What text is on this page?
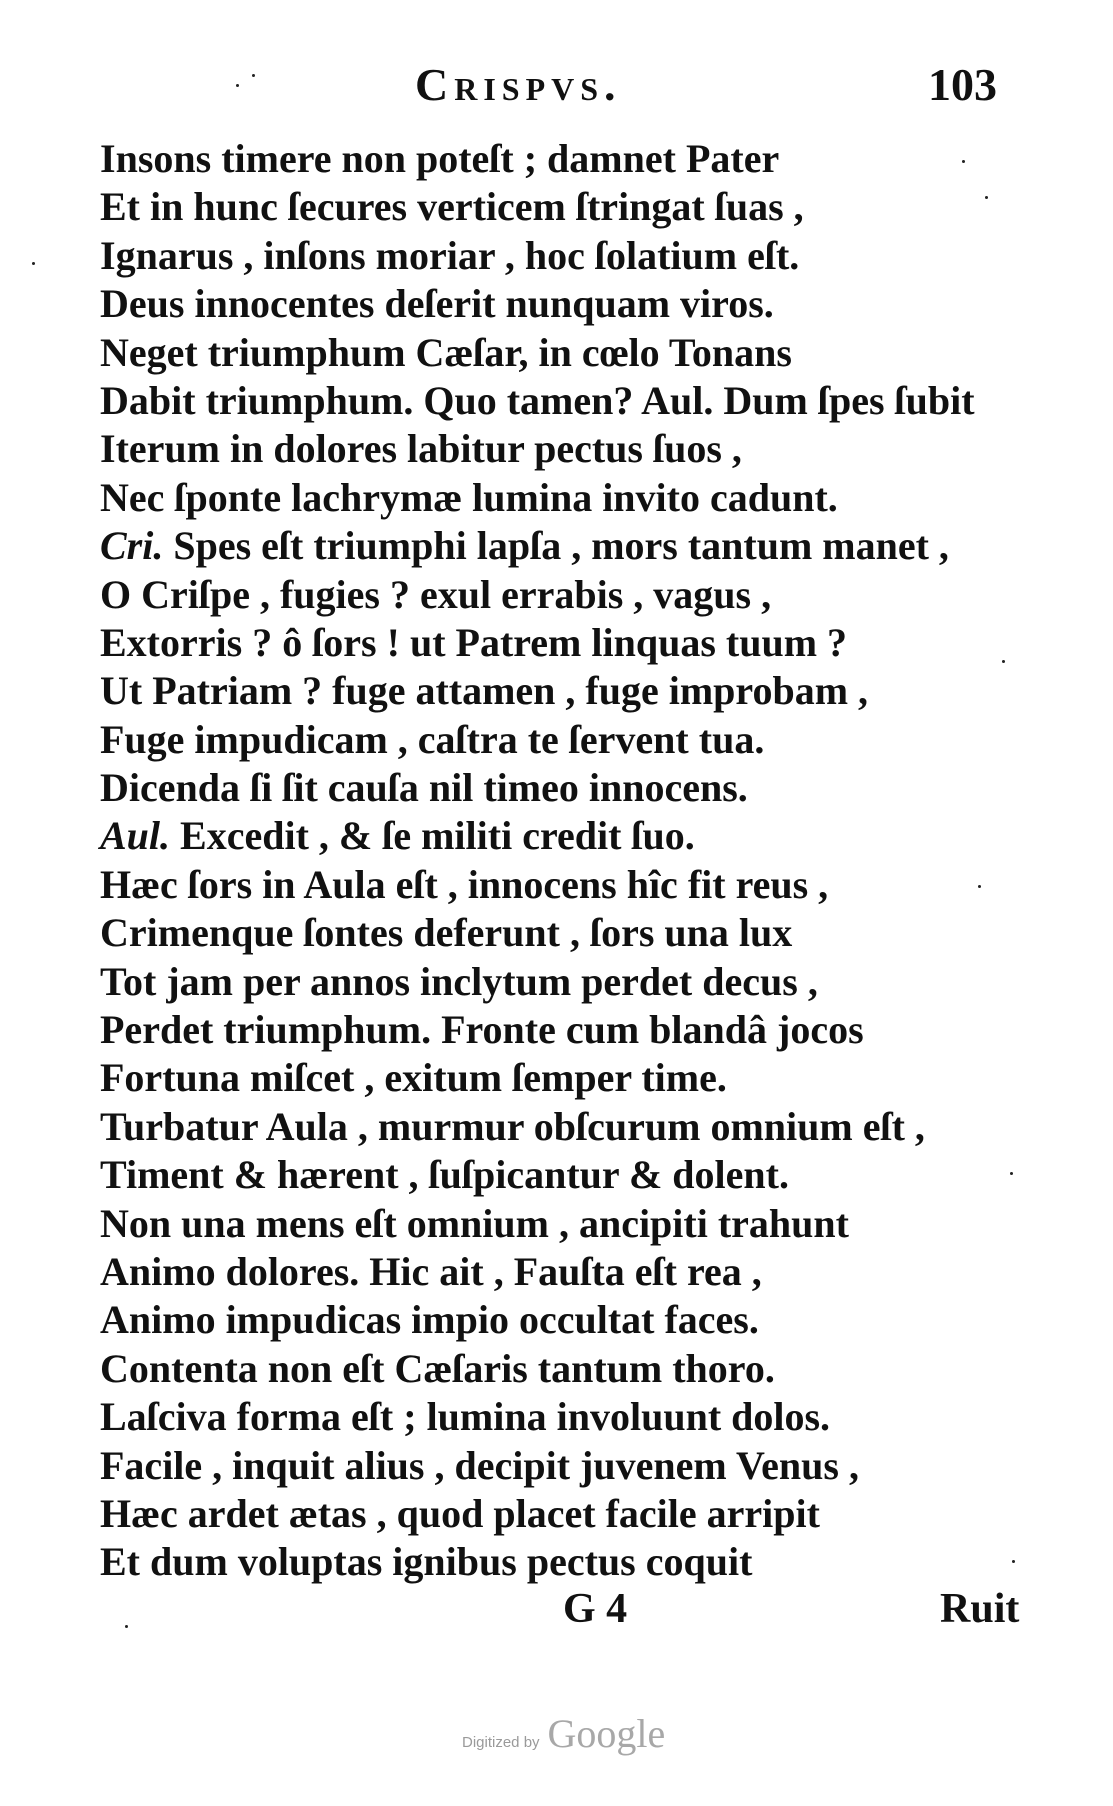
Crispvs.	103
Insons timere non poteſt ; damnet Pater
Et in hunc ſecures verticem ſtringat ſuas ,
Ignarus , inſons moriar , hoc ſolatium eſt.
Deus innocentes deſerit nunquam viros.
Neget triumphum Cæſar, in cœlo Tonans
Dabit triumphum. Quo tamen? Aul. Dum ſpes ſubit
Iterum in dolores labitur pectus ſuos ,
Nec ſponte lachrymæ lumina invito cadunt.
Cri. Spes eſt triumphi lapſa , mors tantum manet ,
O Criſpe , fugies ? exul errabis , vagus ,
Extorris ? ô ſors ! ut Patrem linquas tuum ?
Ut Patriam ? fuge attamen , fuge improbam ,
Fuge impudicam , caſtra te ſervent tua.
Dicenda ſi ſit cauſa nil timeo innocens.
Aul. Excedit , & ſe militi credit ſuo.
Hæc ſors in Aula eſt , innocens hîc fit reus ,
Crimenque ſontes deferunt , ſors una lux
Tot jam per annos inclytum perdet decus ,
Perdet triumphum. Fronte cum blandâ jocos
Fortuna miſcet , exitum ſemper time.
Turbatur Aula , murmur obſcurum omnium eſt ,
Timent & hærent , ſuſpicantur & dolent.
Non una mens eſt omnium , ancipiti trahunt
Animo dolores. Hic ait , Fauſta eſt rea ,
Animo impudicas impio occultat faces.
Contenta non eſt Cæſaris tantum thoro.
Laſciva forma eſt ; lumina involuunt dolos.
Facile , inquit alius , decipit juvenem Venus ,
Hæc ardet ætas , quod placet facile arripit
Et dum voluptas ignibus pectus coquit
G 4	Ruit
Digitized by Google
